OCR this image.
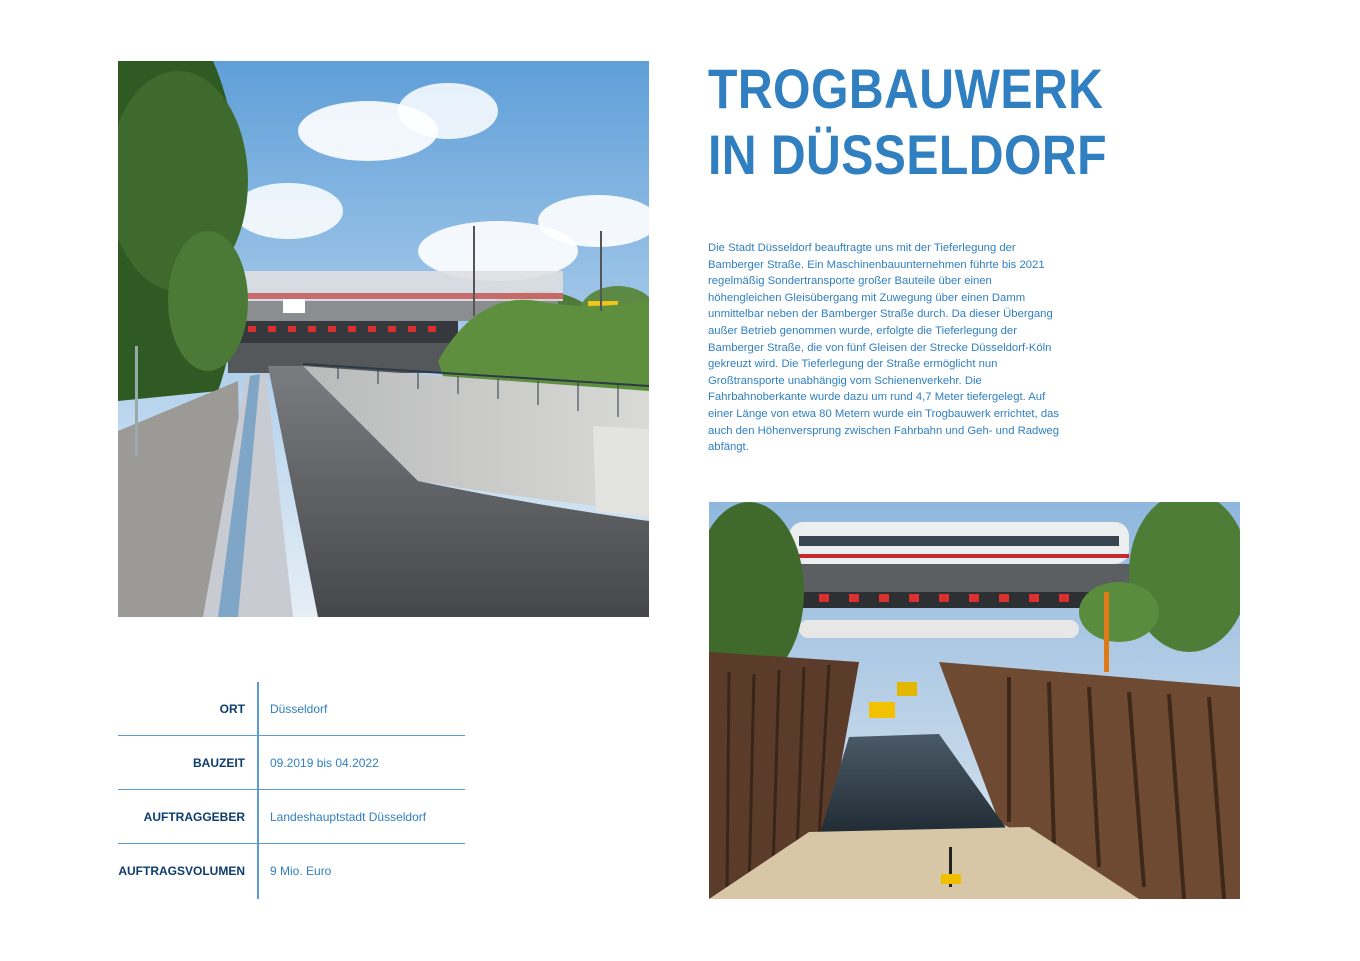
TROGBAUWERK
IN DÜSSELDORF

Die Stadt Düsseldorf beauftragte uns mit der Tieferlegung der Bamberger Straße. Ein Maschinenbauunternehmen führte bis 2021 regelmäßig Sondertransporte großer Bauteile über einen höhengleichen Gleisübergang mit Zuwegung über einen Damm unmittelbar neben der Bamberger Straße durch. Da dieser Übergang außer Betrieb genommen wurde, erfolgte die Tieferlegung der Bamberger Straße, die von fünf Gleisen der Strecke Düsseldorf-Köln gekreuzt wird. Die Tieferlegung der Straße ermöglicht nun Großtransporte unabhängig vom Schienenverkehr. Die Fahrbahnoberkante wurde dazu um rund 4,7 Meter tiefergelegt. Auf einer Länge von etwa 80 Metern wurde ein Trogbauwerk errichtet, das auch den Höhenversprung zwischen Fahrbahn und Geh- und Radweg abfängt.

ORT Düsseldorf
BAUZEIT 09.2019 bis 04.2022
AUFTRAGGEBER Landeshauptstadt Düsseldorf
AUFTRAGSVOLUMEN 9 Mio. Euro
